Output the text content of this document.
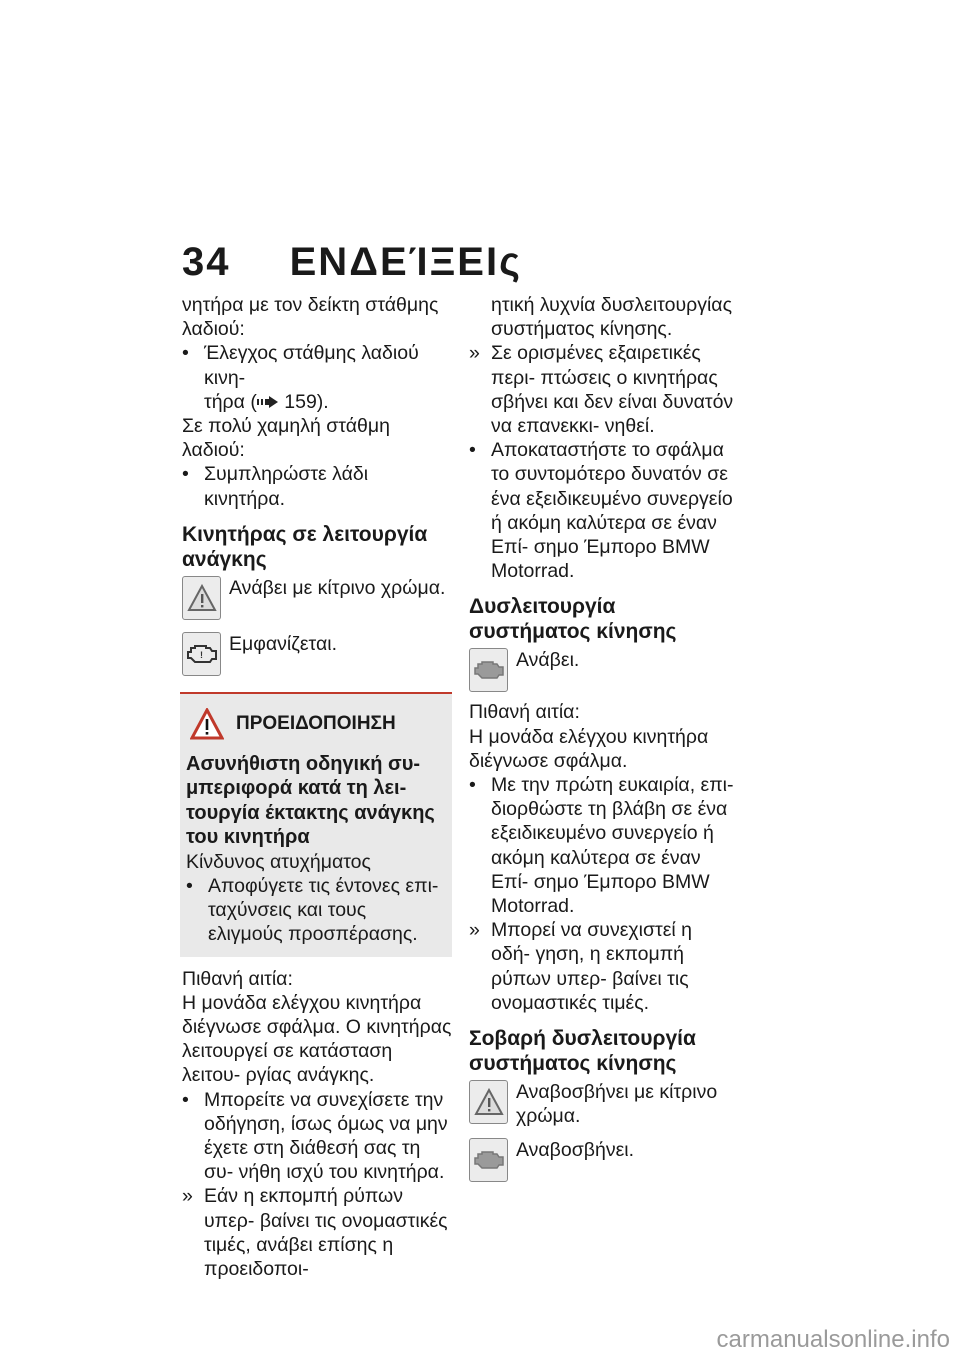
34 ΕΝΔΕΊΞΕΙς

νητήρα με τον δείκτη στάθμης λαδιού:

• Έλεγχος στάθμης λαδιού κινη-
τήρα ( 159).

Σε πολύ χαμηλή στάθμη λαδιού:

• Συμπληρώστε λάδι κινητήρα.

Κινητήρας σε λειτουργία ανάγκης

Ανάβει με κίτρινο χρώμα.
! Εμφανίζεται.
ΠΡΟΕΙΔΟΠΟΙΗΣΗ
Ασυνήθιστη οδηγική συ- μπεριφορά κατά τη λει- τουργία έκτακτης ανάγκης του κινητήρα

Κίνδυνος ατυχήματος

• Αποφύγετε τις έντονες επι- ταχύνσεις και τους ελιγμούς προσπέρασης.

Πιθανή αιτία:

Η μονάδα ελέγχου κινητήρα διέγνωσε σφάλμα. Ο κινητήρας λειτουργεί σε κατάσταση λειτου- ργίας ανάγκης.

• Μπορείτε να συνεχίσετε την οδήγηση, ίσως όμως να μην έχετε στη διάθεσή σας τη συ- νήθη ισχύ του κινητήρα.
» Εάν η εκπομπή ρύπων υπερ- βαίνει τις ονομαστικές τιμές, ανάβει επίσης η προειδοποι-
ητική λυχνία δυσλειτουργίας συστήματος κίνησης.
» Σε ορισμένες εξαιρετικές περι- πτώσεις ο κινητήρας σβήνει και δεν είναι δυνατόν να επανεκκι- νηθεί.
• Αποκαταστήστε το σφάλμα το συντομότερο δυνατόν σε ένα εξειδικευμένο συνεργείο ή ακόμη καλύτερα σε έναν Επί- σημο Έμπορο BMW Motorrad.

Δυσλειτουργία συστήματος κίνησης

Ανάβει.

Πιθανή αιτία:

Η μονάδα ελέγχου κινητήρα διέγνωσε σφάλμα.

• Με την πρώτη ευκαιρία, επι- διορθώστε τη βλάβη σε ένα εξειδικευμένο συνεργείο ή ακόμη καλύτερα σε έναν Επί- σημο Έμπορο BMW Motorrad.
» Μπορεί να συνεχιστεί η οδή- γηση, η εκπομπή ρύπων υπερ- βαίνει τις ονομαστικές τιμές.

Σοβαρή δυσλειτουργία συστήματος κίνησης

Αναβοσβήνει με κίτρινο χρώμα.
Αναβοσβήνει.
carmanualsonline.info
